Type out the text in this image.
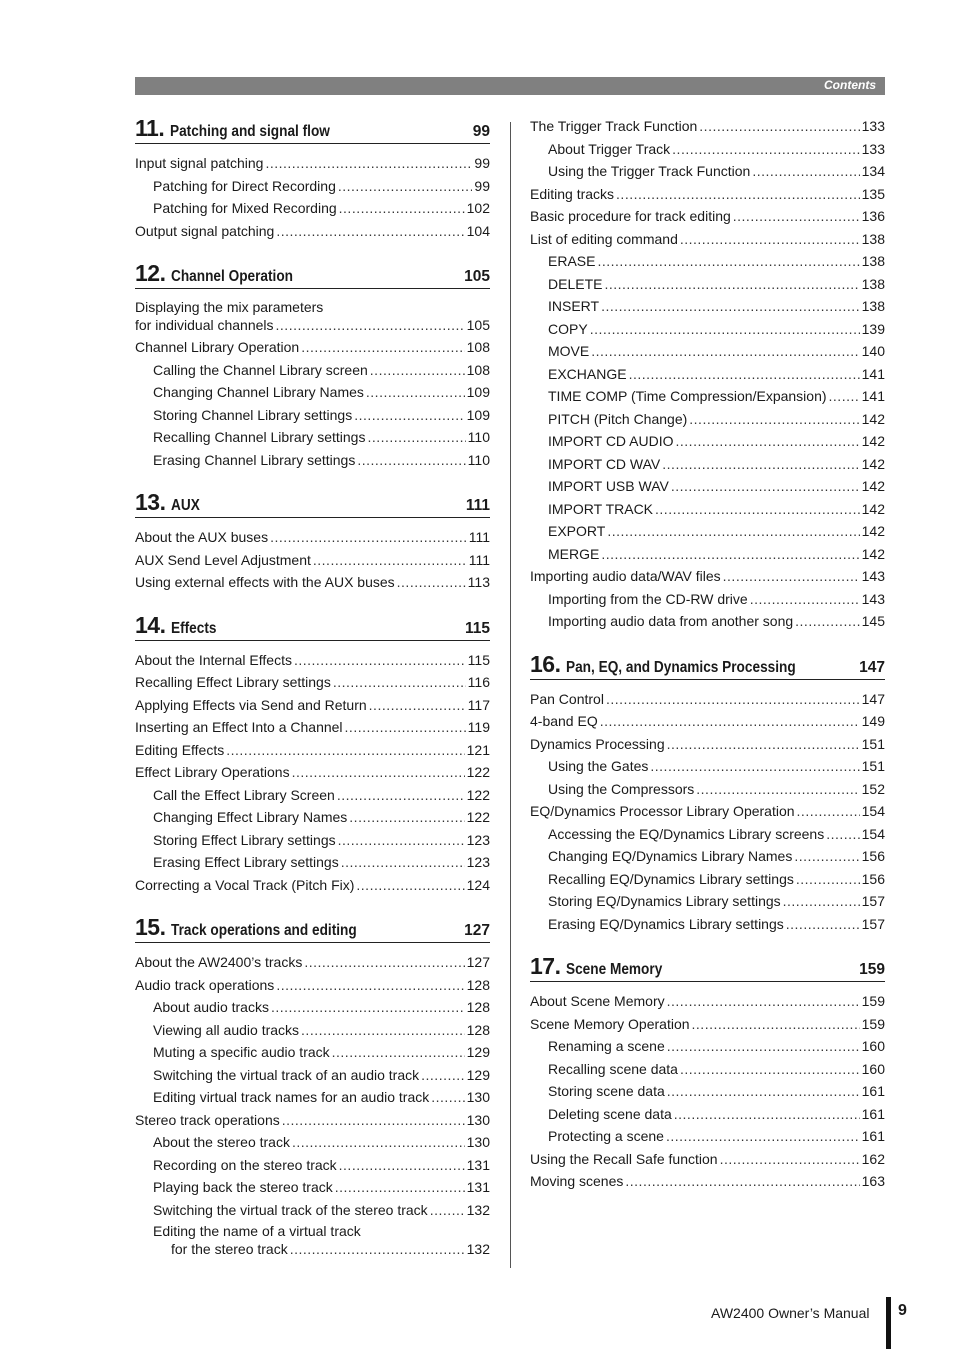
Contents
11. Patching and signal flow	99
Input signal patching .....	99
Patching for Direct Recording .....	99
Patching for Mixed Recording .....	102
Output signal patching .....	104
12. Channel Operation	105
Displaying the mix parameters
for individual channels .....	105
Channel Library Operation .....	108
Calling the Channel Library screen .....	108
Changing Channel Library Names .....	109
Storing Channel Library settings .....	109
Recalling Channel Library settings .....	110
Erasing Channel Library settings .....	110
13. AUX	111
About the AUX buses .....	111
AUX Send Level Adjustment .....	111
Using external effects with the AUX buses .....	113
14. Effects	115
About the Internal Effects .....	115
Recalling Effect Library settings .....	116
Applying Effects via Send and Return .....	117
Inserting an Effect Into a Channel .....	119
Editing Effects .....	121
Effect Library Operations .....	122
Call the Effect Library Screen .....	122
Changing Effect Library Names .....	122
Storing Effect Library settings .....	123
Erasing Effect Library settings .....	123
Correcting a Vocal Track (Pitch Fix) .....	124
15. Track operations and editing	127
About the AW2400’s tracks .....	127
Audio track operations .....	128
About audio tracks .....	128
Viewing all audio tracks .....	128
Muting a specific audio track .....	129
Switching the virtual track of an audio track .....	129
Editing virtual track names for an audio track .....	130
Stereo track operations .....	130
About the stereo track .....	130
Recording on the stereo track .....	131
Playing back the stereo track .....	131
Switching the virtual track of the stereo track .....	132
Editing the name of a virtual track
for the stereo track .....	132
The Trigger Track Function .....	133
About Trigger Track .....	133
Using the Trigger Track Function .....	134
Editing tracks .....	135
Basic procedure for track editing .....	136
List of editing command .....	138
ERASE .....	138
DELETE .....	138
INSERT .....	138
COPY .....	139
MOVE .....	140
EXCHANGE .....	141
TIME COMP (Time Compression/Expansion) .....	141
PITCH (Pitch Change) .....	142
IMPORT CD AUDIO .....	142
IMPORT CD WAV .....	142
IMPORT USB WAV .....	142
IMPORT TRACK .....	142
EXPORT .....	142
MERGE .....	142
Importing audio data/WAV files .....	143
Importing from the CD-RW drive .....	143
Importing audio data from another song .....	145
16. Pan, EQ, and Dynamics Processing	147
Pan Control .....	147
4-band EQ .....	149
Dynamics Processing .....	151
Using the Gates .....	151
Using the Compressors .....	152
EQ/Dynamics Processor Library Operation .....	154
Accessing the EQ/Dynamics Library screens .....	154
Changing EQ/Dynamics Library Names .....	156
Recalling EQ/Dynamics Library settings .....	156
Storing EQ/Dynamics Library settings .....	157
Erasing EQ/Dynamics Library settings .....	157
17. Scene Memory	159
About Scene Memory .....	159
Scene Memory Operation .....	159
Renaming a scene .....	160
Recalling scene data .....	160
Storing scene data .....	161
Deleting scene data .....	161
Protecting a scene .....	161
Using the Recall Safe function .....	162
Moving scenes .....	163
AW2400 Owner’s Manual 9
